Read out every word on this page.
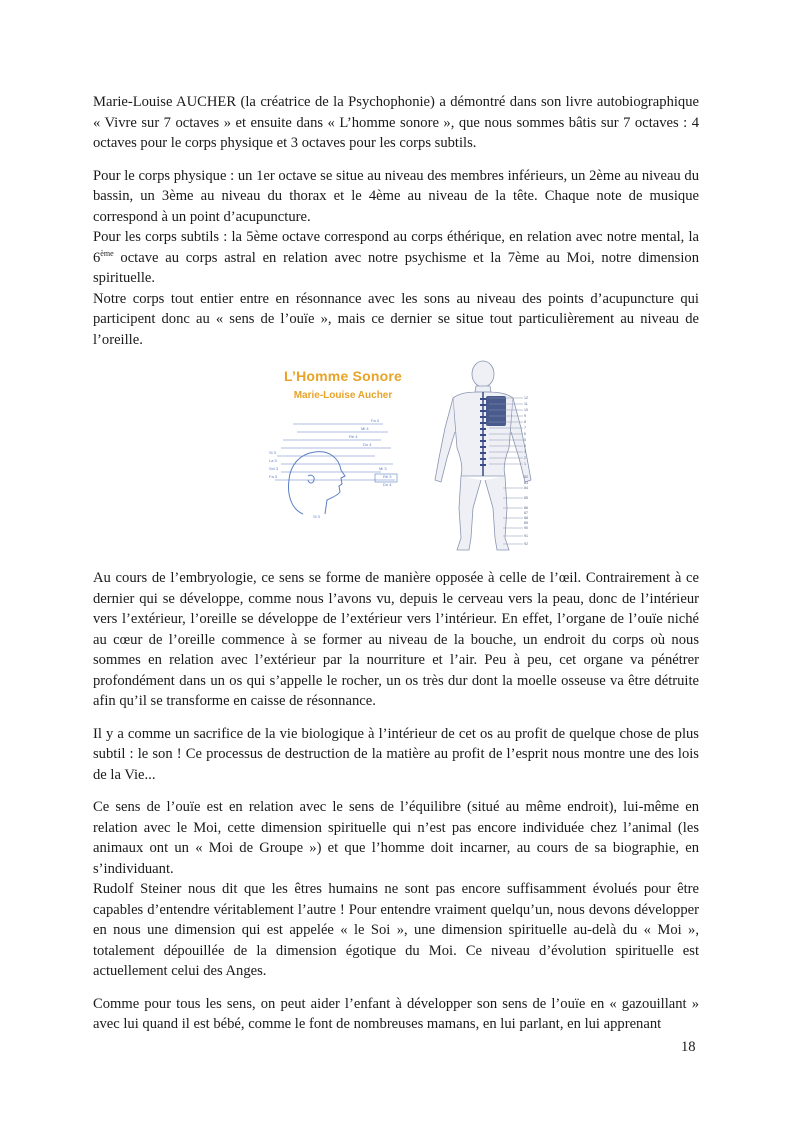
Marie-Louise AUCHER (la créatrice de la Psychophonie) a démontré dans son livre autobiographique « Vivre sur 7 octaves » et ensuite dans « L’homme sonore », que nous sommes bâtis sur 7 octaves : 4 octaves pour le corps physique et 3 octaves pour les corps subtils.

Pour le corps physique : un 1er octave se situe au niveau des membres inférieurs, un 2ème au niveau du bassin, un 3ème au niveau du thorax et le 4ème au niveau de la tête. Chaque note de musique correspond à un point d’acupuncture.

Pour les corps subtils : la 5ème octave correspond au corps éthérique, en relation avec notre mental, la 6ème octave au corps astral en relation avec notre psychisme et la 7ème au Moi, notre dimension spirituelle.

Notre corps tout entier entre en résonnance avec les sons au niveau des points d’acupuncture qui participent donc au « sens de l’ouïe », mais ce dernier se situe tout particulièrement au niveau de l’oreille.

L’Homme Sonore
Marie-Louise Aucher
Fa 4
Mi 4
Ré 4
Do 4
Si 3
La 3
Sol 3
Fa 3
Mi 3
Ré 3
Si 3
Do 4
12
11
10
9
8
7
6
5
4
3
2
1
82
83
84
85
86
87
88
89
90
91
92

Au cours de l’embryologie, ce sens se forme de manière opposée à celle de l’œil. Contrairement à ce dernier qui se développe, comme nous l’avons vu, depuis le cerveau vers la peau, donc de l’intérieur vers l’extérieur, l’oreille se développe de l’extérieur vers l’intérieur. En effet, l’organe de l’ouïe niché au cœur de l’oreille commence à se former au niveau de la bouche, un endroit du corps où nous sommes en relation avec l’extérieur par la nourriture et l’air. Peu à peu, cet organe va pénétrer profondément dans un os qui s’appelle le rocher, un os très dur dont la moelle osseuse va être détruite afin qu’il se transforme en caisse de résonnance.

Il y a comme un sacrifice de la vie biologique à l’intérieur de cet os au profit de quelque chose de plus subtil : le son ! Ce processus de destruction de la matière au profit de l’esprit nous montre une des lois de la Vie...

Ce sens de l’ouïe est en relation avec le sens de l’équilibre (situé au même endroit), lui-même en relation avec le Moi, cette dimension spirituelle qui n’est pas encore individuée chez l’animal (les animaux ont un « Moi de Groupe ») et que l’homme doit incarner, au cours de sa biographie, en s’individuant.

Rudolf Steiner nous dit que les êtres humains ne sont pas encore suffisamment évolués pour être capables d’entendre véritablement l’autre ! Pour entendre vraiment quelqu’un, nous devons développer en nous une dimension qui est appelée « le Soi », une dimension spirituelle au-delà du « Moi », totalement dépouillée de la dimension égotique du Moi. Ce niveau d’évolution spirituelle est actuellement celui des Anges.

Comme pour tous les sens, on peut aider l’enfant à développer son sens de l’ouïe en « gazouillant » avec lui quand il est bébé, comme le font de nombreuses mamans, en lui parlant, en lui apprenant

18
